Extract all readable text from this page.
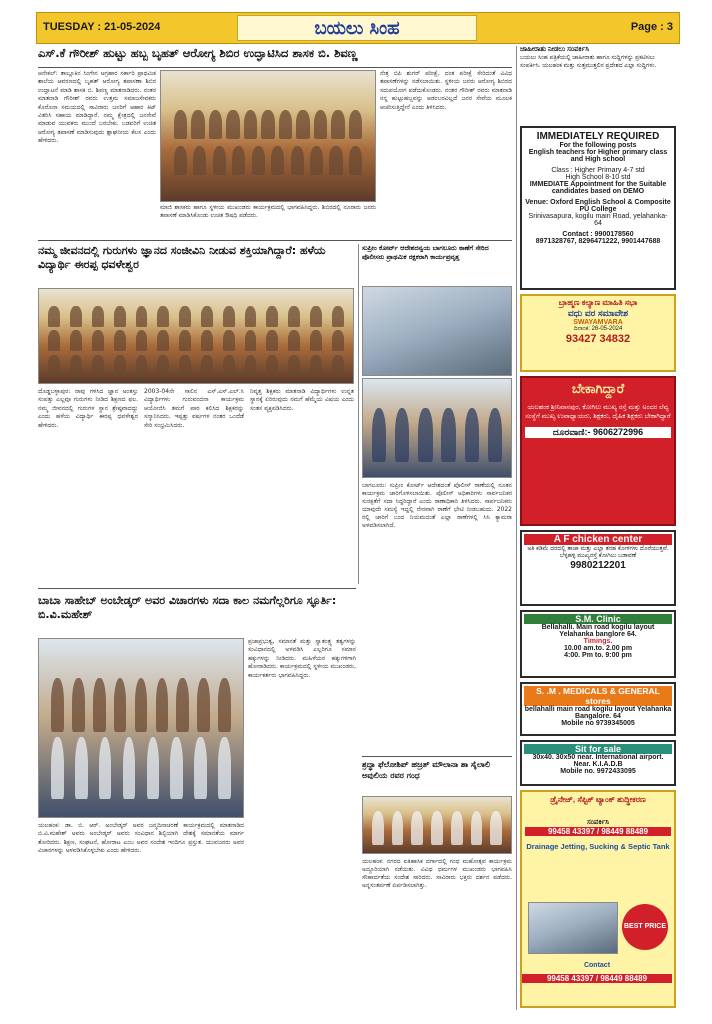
TUESDAY : 21-05-2024	ಬಯಲು ಸಿಂಹ	Page : 3
ಎಸ್.ಕೆ ಗೌರೀಶ್ ಹುಟ್ಟು ಹಬ್ಬ ಬೃಹತ್ ಆರೋಗ್ಯ ಶಿಬಿರ ಉದ್ಘಾಟಿಸಿದ ಶಾಸಕ ಬಿ. ಶಿವಣ್ಣ
ಆನೇಕಲ್: ತಾಲ್ಲೂಕಿನ ಸಿಂಗೇನ ಅಗ್ರಹಾರ ಸರ್ಕಾರಿ ಪ್ರಾಥಮಿಕ ಶಾಲೆಯ ಆವರಣದಲ್ಲಿ ಬೃಹತ್ ಆರೋಗ್ಯ ತಪಾಸಣಾ ಶಿಬಿರ ಉದ್ಘಾಟನೆ ಮಾಡಿ ಶಾಸಕ ಬಿ. ಶಿವಣ್ಣ ಮಾತನಾಡಿದರು. ನಂತರ ಮಾತನಾಡಿ ಗೌರೀಶ್ ರವರು ಉತ್ತಮ ಸಮಾಜಸೇವಕರು ಕೊರೊನಾ ಸಮಯದಲ್ಲಿ ಸಾವಿರಾರು ಜನರಿಗೆ ಆಹಾರ ಕಿಟ್ ವಿತರಿಸಿ ಸಹಾಯ ಮಾಡಿದ್ದಾರೆ. ನಮ್ಮ ಕ್ಷೇತ್ರದಲ್ಲಿ ಜನಸೇವೆ ಮಾಡುವ ಯುವಕರು ಮುಂದೆ ಬರಬೇಕು. ಬಡವರಿಗೆ ಉಚಿತ ಆರೋಗ್ಯ ತಪಾಸಣೆ ಮಾಡಿಸುವುದು ಶ್ಲಾಘನೀಯ ಕೆಲಸ ಎಂದು ಹೇಳಿದರು.
ಮಾಜಿ ಶಾಸಕರು ಹಾಗೂ ಸ್ಥಳೀಯ ಮುಖಂಡರು ಕಾರ್ಯಕ್ರಮದಲ್ಲಿ ಭಾಗವಹಿಸಿದ್ದರು. ಶಿಬಿರದಲ್ಲಿ ನೂರಾರು ಜನರು ತಪಾಸಣೆ ಮಾಡಿಸಿಕೊಂಡು ಉಚಿತ ಔಷಧಿ ಪಡೆದರು.
ನೇತ್ರ ಬಿಪಿ ಶುಗರ್ ಪರೀಕ್ಷೆ, ದಂತ ಪರೀಕ್ಷೆ ಸೇರಿದಂತೆ ವಿವಿಧ ತಪಾಸಣೆಗಳನ್ನು ನಡೆಸಲಾಯಿತು. ಸ್ಥಳೀಯ ಜನರು ಆರೋಗ್ಯ ಶಿಬಿರದ ಸದುಪಯೋಗ ಪಡೆದುಕೊಂಡರು. ನಂತರ ಗೌರೀಶ್ ರವರು ಮಾತನಾಡಿ ನನ್ನ ಹುಟ್ಟುಹಬ್ಬವನ್ನು ಆಡಂಬರವಿಲ್ಲದೆ ಜನರ ಸೇವೆಯ ಮೂಲಕ ಆಚರಿಸುತ್ತಿದ್ದೇನೆ ಎಂದು ತಿಳಿಸಿದರು.
ನಮ್ಮ ಜೀವನದಲ್ಲಿ ಗುರುಗಳು ಜ್ಞಾನದ ಸಂಜೀವಿನಿ ನೀಡುವ ಶಕ್ತಿಯಾಗಿದ್ದಾರೆ: ಹಳೆಯ ವಿದ್ಯಾರ್ಥಿ ಈರಪ್ಪ ಧವಳೇಶ್ವರ
ದೊಡ್ಡಬಳ್ಳಾಪುರ: ನಾವು ಗಳಿಸಿದ ಜ್ಞಾನ ಅಂತಸ್ತು ಸಂಪತ್ತು ಎಲ್ಲವೂ ಗುರುಗಳು ನೀಡಿದ ಶಿಕ್ಷಣದ ಫಲ. ನಮ್ಮ ಜೀವನದಲ್ಲಿ ಗುರುಗಳ ಸ್ಥಾನ ಶ್ರೇಷ್ಠವಾದದ್ದು ಎಂದು ಹಳೆಯ ವಿದ್ಯಾರ್ಥಿ ಈರಪ್ಪ ಧವಳೇಶ್ವರ ಹೇಳಿದರು.
2003-04ನೇ ಸಾಲಿನ ಎಸ್.ಎಸ್.ಎಲ್.ಸಿ ವಿದ್ಯಾರ್ಥಿಗಳು ಗುರುವಂದನಾ ಕಾರ್ಯಕ್ರಮ ಆಯೋಜಿಸಿ ತಮಗೆ ಪಾಠ ಕಲಿಸಿದ ಶಿಕ್ಷಕರನ್ನು ಸನ್ಮಾನಿಸಿದರು. ಇಪ್ಪತ್ತು ವರ್ಷಗಳ ನಂತರ ಒಂದೆಡೆ ಸೇರಿ ಸಂಭ್ರಮಿಸಿದರು.
ನಿವೃತ್ತ ಶಿಕ್ಷಕರು ಮಾತನಾಡಿ ವಿದ್ಯಾರ್ಥಿಗಳು ಉನ್ನತ ಸ್ಥಾನಕ್ಕೆ ಏರಿರುವುದು ನಮಗೆ ಹೆಮ್ಮೆಯ ವಿಷಯ ಎಂದು ಸಂತಸ ವ್ಯಕ್ತಪಡಿಸಿದರು.
ಸುಪ್ರೀಂ ಕೋರ್ಟ್ ಆದೇಶದನ್ವಯ ಬಾಗಲೂರು ಠಾಣೆಗೆ ಸೇರಿದ ಪೊಲೀಸರು ಪ್ರಾಥಮಿಕ ರಕ್ಷಕರಾಗಿ ಕಾರ್ಯಪ್ರವೃತ್ತ
ಬಾಗಲೂರು: ಸುಪ್ರೀಂ ಕೋರ್ಟ್ ಆದೇಶದಂತೆ ಪೊಲೀಸ್ ಠಾಣೆಯಲ್ಲಿ ನೂತನ ಕಾರ್ಯಕ್ರಮ ಜಾರಿಗೊಳಿಸಲಾಯಿತು. ಪೊಲೀಸ್ ಅಧಿಕಾರಿಗಳು ಸಾರ್ವಜನಿಕರ ಸುರಕ್ಷತೆಗೆ ಸದಾ ಸಿದ್ಧರಿದ್ದಾರೆ ಎಂದು ಠಾಣಾಧಿಕಾರಿ ತಿಳಿಸಿದರು. ಸಾರ್ವಜನಿಕರು ಯಾವುದೇ ಸಮಸ್ಯೆ ಇದ್ದಲ್ಲಿ ನೇರವಾಗಿ ಠಾಣೆಗೆ ಭೇಟಿ ನೀಡಬಹುದು. 2022 ರಲ್ಲಿ ಜಾರಿಗೆ ಬಂದ ನಿಯಮದಂತೆ ಎಲ್ಲಾ ಠಾಣೆಗಳಲ್ಲಿ ಸಿಸಿ ಕ್ಯಾಮರಾ ಅಳವಡಿಸಲಾಗಿದೆ.
ಬಾಬಾ ಸಾಹೇಬ್ ಅಂಬೇಡ್ಕರ್ ಅವರ ವಿಚಾರಗಳು ಸದಾ ಕಾಲ ನಮಗೆಲ್ಲರಿಗೂ ಸ್ಫೂರ್ತಿ: ಬಿ.ವಿ.ಮಹೇಶ್
ಪ್ರಜಾಪ್ರಭುತ್ವ, ಸಮಾನತೆ ಮತ್ತು ಸ್ವಾತಂತ್ರ್ಯ ತತ್ವಗಳನ್ನು ಸಂವಿಧಾನದಲ್ಲಿ ಅಳವಡಿಸಿ ಎಲ್ಲರಿಗೂ ಸಮಾನ ಹಕ್ಕುಗಳನ್ನು ನೀಡಿದರು. ಮಹಿಳೆಯರ ಹಕ್ಕುಗಳಿಗಾಗಿ ಹೋರಾಡಿದರು. ಕಾರ್ಯಕ್ರಮದಲ್ಲಿ ಸ್ಥಳೀಯ ಮುಖಂಡರು, ಕಾರ್ಯಕರ್ತರು ಭಾಗವಹಿಸಿದ್ದರು.
ಯಲಹಂಕ: ಡಾ. ಬಿ. ಆರ್. ಅಂಬೇಡ್ಕರ್ ಅವರ ಜನ್ಮದಿನಾಚರಣೆ ಕಾರ್ಯಕ್ರಮದಲ್ಲಿ ಮಾತನಾಡಿದ ಬಿ.ವಿ.ಮಹೇಶ್ ಅವರು ಅಂಬೇಡ್ಕರ್ ಅವರು ಸಂವಿಧಾನ ಶಿಲ್ಪಿಯಾಗಿ ದೇಶಕ್ಕೆ ಸಮಾನತೆಯ ಮಾರ್ಗ ತೋರಿದರು. ಶಿಕ್ಷಣ, ಸಂಘಟನೆ, ಹೋರಾಟ ಎಂಬ ಅವರ ಸಂದೇಶ ಇಂದಿಗೂ ಪ್ರಸ್ತುತ. ಯುವಜನರು ಅವರ ವಿಚಾರಗಳನ್ನು ಅಳವಡಿಸಿಕೊಳ್ಳಬೇಕು ಎಂದು ಹೇಳಿದರು.
ಶ್ರದ್ಧಾ ಫೆಲೋಶಿಪ್ ಹಜ್ರತ್ ಮೌಲಾನಾ ಶಾ ಸೈಲಾಲಿ ಅವುಲಿಯ ರವರ ಗಂಧ
ಯಲಹಂಕ: ನಗರದ ಐತಿಹಾಸಿಕ ದರ್ಗಾದಲ್ಲಿ ಗಂಧ ಮಹೋತ್ಸವ ಕಾರ್ಯಕ್ರಮ ಅದ್ದೂರಿಯಾಗಿ ನಡೆಯಿತು. ವಿವಿಧ ಧರ್ಮಗಳ ಮುಖಂಡರು ಭಾಗವಹಿಸಿ ಸೌಹಾರ್ದತೆಯ ಸಂದೇಶ ಸಾರಿದರು. ಸಾವಿರಾರು ಭಕ್ತರು ದರ್ಶನ ಪಡೆದರು. ಅನ್ನಸಂತರ್ಪಣೆ ಏರ್ಪಡಿಸಲಾಗಿತ್ತು.
ಜಾಹೀರಾತು ನೀಡಲು ಸಂಪರ್ಕಿಸಿ
ಬಯಲು ಸಿಂಹ ಪತ್ರಿಕೆಯಲ್ಲಿ ಜಾಹೀರಾತು ಹಾಗೂ ಸುದ್ದಿಗಳನ್ನು ಪ್ರಕಟಿಸಲು ಸಂಪರ್ಕಿಸಿ. ಯಲಹಂಕ ಮತ್ತು ಸುತ್ತಮುತ್ತಲಿನ ಪ್ರದೇಶದ ಎಲ್ಲಾ ಸುದ್ದಿಗಳು.
IMMEDIATELY REQUIRED
For the following posts
English teachers for Higher primary class and High school
Class : Higher Primary 4-7 std
High School 8-10 std
IMMEDIATE Appointment for the Suitable candidates based on DEMO
Venue: Oxford English School & Composite PU College
Srinivasapura, kogilu main Road, yelahanka-64
Contact : 9900178560
8971328767, 8296471222, 9901447688
ಬ್ರಾಹ್ಮಣ ಕಲ್ಯಾಣ ಮಾಹಿತಿ ಸಭಾ
ವಧು ವರ ಸಮಾವೇಶ
SWAYAMVARA
ದಿನಾಂಕ: 26-05-2024
93427 34832
ಬೇಕಾಗಿದ್ದಾರೆ
ಯಲಹಂಕ ಶ್ರೀನಿವಾಸಪುರ, ಕೋಗಿಲು ಮುಖ್ಯ ರಸ್ತೆ ಮತ್ತು ಅಂದರ ಲೆವ್ಯ ಸಂಸ್ಥೆಗೆ ಮುಖ್ಯ ಉಪಾಧ್ಯಾಯರು, ಶಿಕ್ಷಕರು, ದೈಹಿಕ ಶಿಕ್ಷಕರು ಬೇಕಾಗಿದ್ದಾರೆ
ದೂರವಾಣಿ:- 9606272996
A F chicken center
ಅತಿ ಕಡಿಮೆ ದರದಲ್ಲಿ ತಾಜಾ ಮತ್ತು ಎಲ್ಲಾ ತರಹ ಕೋಳಿಗಳು ದೊರೆಯುತ್ತವೆ.
ಬೆಳ್ಳಹಳ್ಳಿ ಮುಖ್ಯರಸ್ತೆ ಕೋಗಿಲು ಬಡಾವಣೆ
9980212201
S.M. Clinic
Bellahalli. Main road kogilu layout Yelahanka banglore 64.
Timings.
10.00 am.to. 2.00 pm
4:00. Pm to. 9:00 pm
S. .M . MEDICALS & GENERAL stores
bellahalli main road kogilu layout Yelahanka Bangalore. 64
Mobile no 9739345005
Sit for sale
30x40. 30x50 near. International airport. Near. K.I.A.D.B
Mobile no. 9972433095
ಡ್ರೈನೇಜ್, ಸೆಪ್ಟಿಕ್ ಟ್ಯಾಂಕ್ ಶುದ್ಧೀಕರಣ
ಸಂಪರ್ಕಿಸಿ
99458 43397 / 98449 88489
Drainage Jetting, Sucking & Septic Tank
BEST PRICE
Contact
99458 43397 / 98449 88489
